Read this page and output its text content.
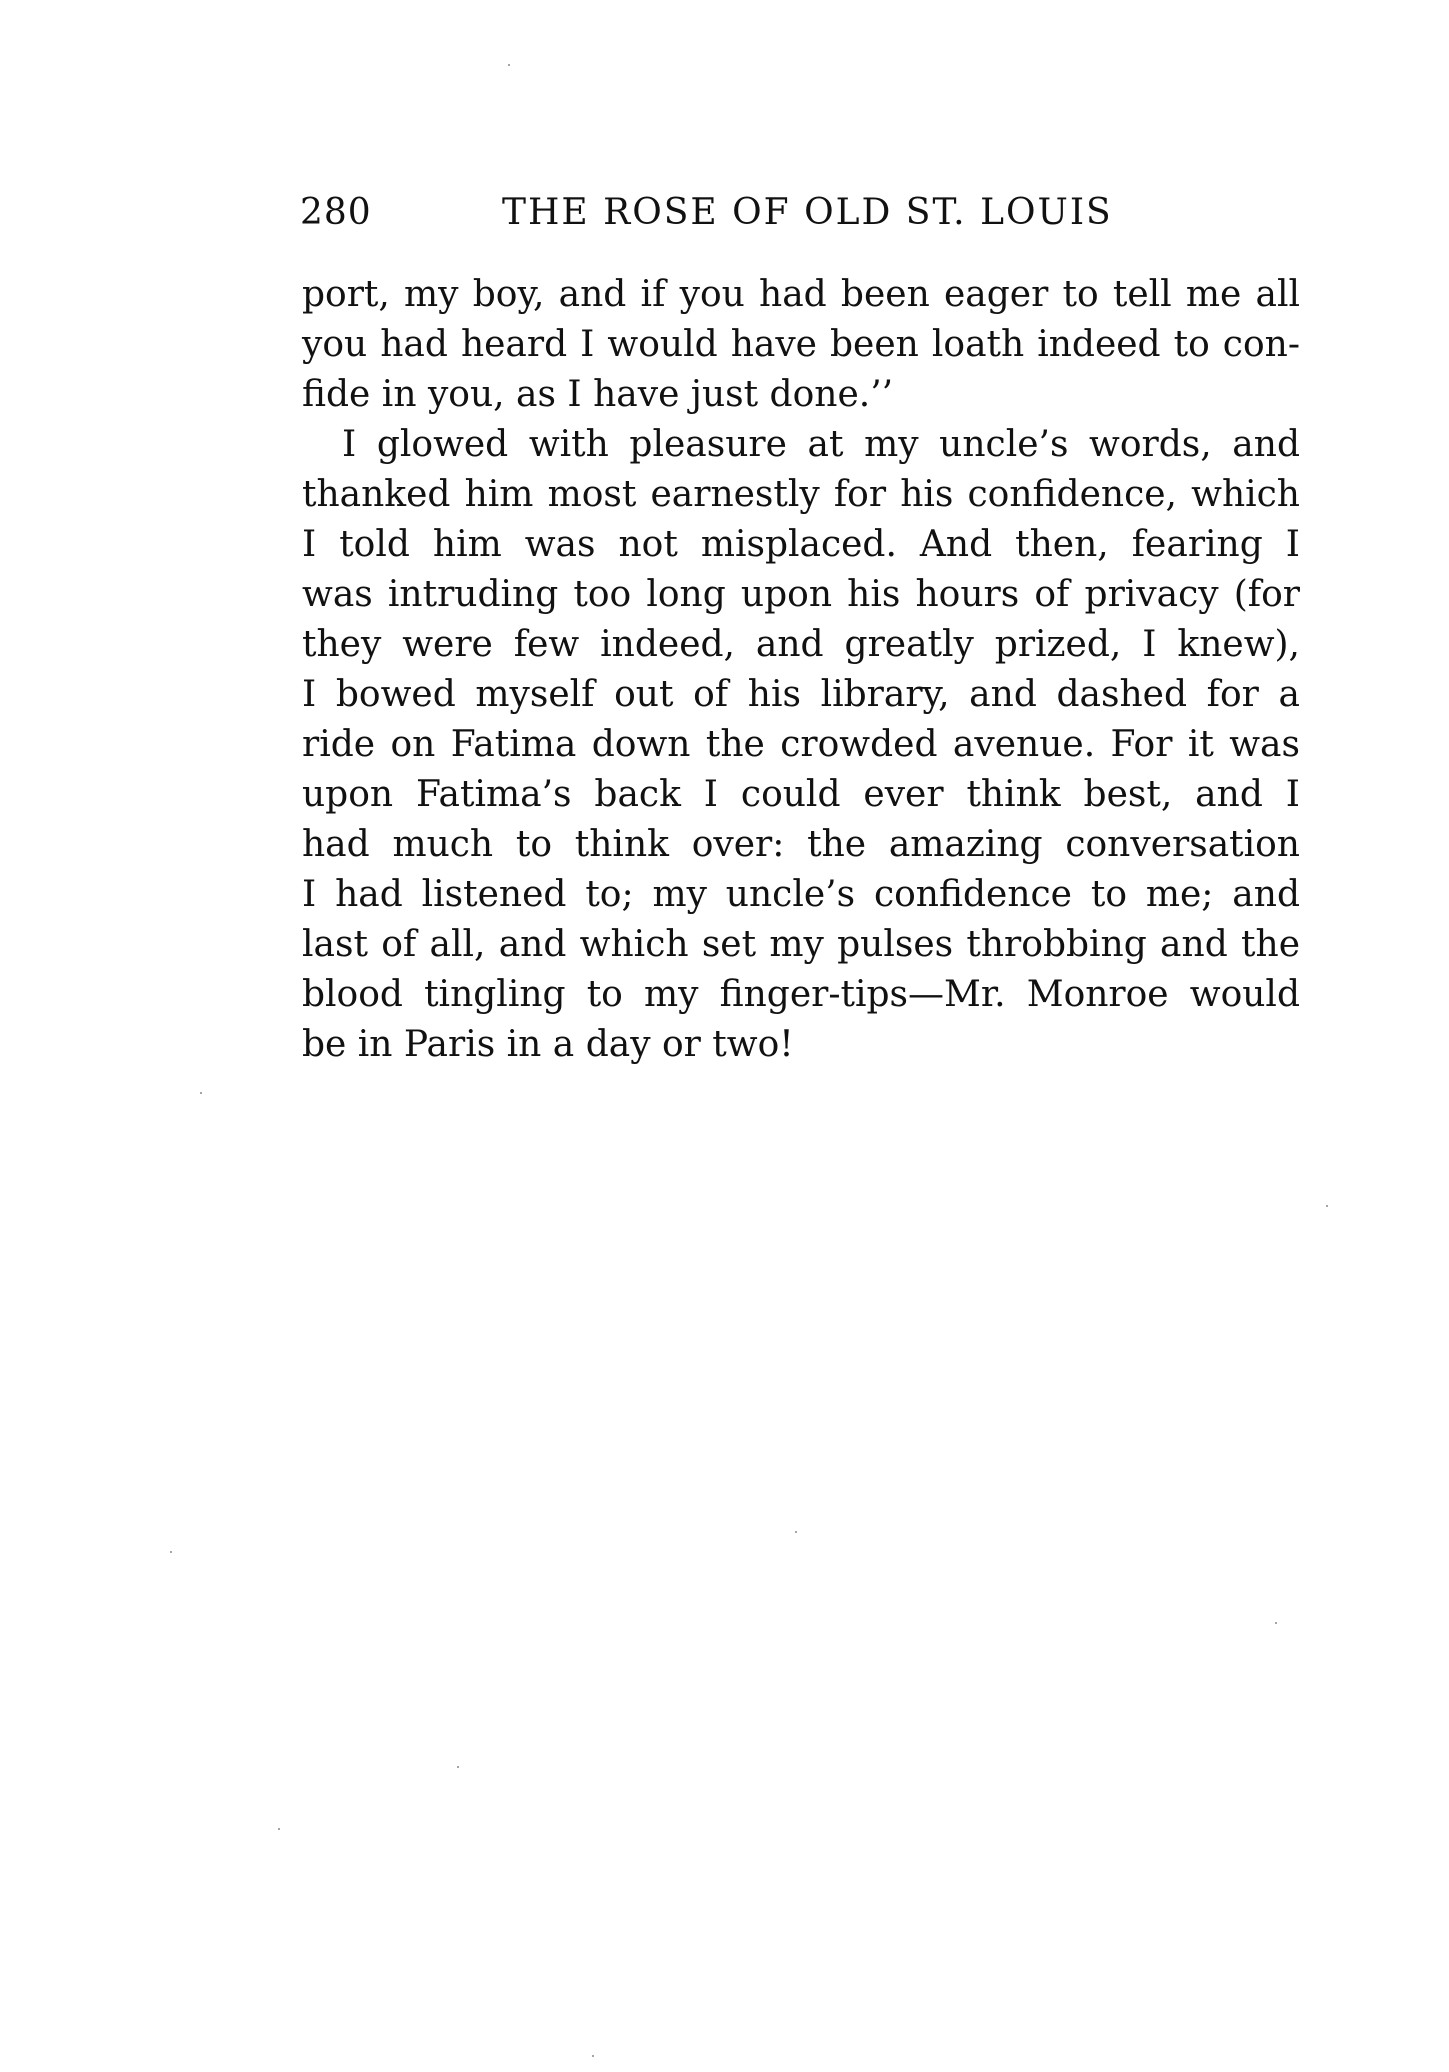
280	THE ROSE OF OLD ST. LOUIS
port, my boy, and if you had been eager to tell me all
you had heard I would have been loath indeed to con-
fide in you, as I have just done.’’
I glowed with pleasure at my uncle’s words, and
thanked him most earnestly for his confidence, which
I told him was not misplaced. And then, fearing I
was intruding too long upon his hours of privacy (for
they were few indeed, and greatly prized, I knew),
I bowed myself out of his library, and dashed for a
ride on Fatima down the crowded avenue. For it was
upon Fatima’s back I could ever think best, and I
had much to think over: the amazing conversation
I had listened to; my uncle’s confidence to me; and
last of all, and which set my pulses throbbing and the
blood tingling to my finger-tips—Mr. Monroe would
be in Paris in a day or two!
